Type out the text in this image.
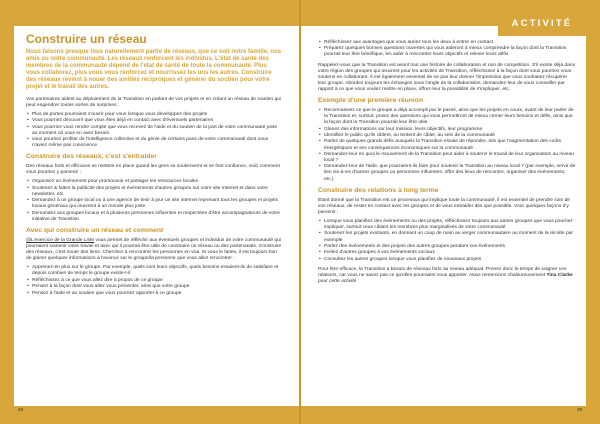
ACTIVITÉ
Construire un réseau
Nous faisons presque tous naturellement partie de réseaux, que ce soit notre famille, nos amis ou notre communauté. Les réseaux renforcent les individus. L'état de santé des membres de la communauté dépend de l'état de santé de toute la communauté. Plus vous collaborez, plus vous vous renforcez et nourrissez les uns les autres. Construire des réseaux revient à nouer des amitiés réciproques et générer du soutien pour votre projet et le travail des autres.

Vos partenaires aident au déploiement de la Transition en parlant de vos projets et en créant un réseau de soutien qui peut engendrer toutes sortes de surprises :

• Plus de portes pourraient s'ouvrir pour vous lorsque vous développez des projets
• Vous pourriez découvrir que vous êtes déjà en contact avec d'éventuels partenaires
• Vous pourriez vous rendre compte que vous recevez de l'aide et du soutien de la part de votre communauté juste au moment où vous en avez besoin
• vous pourriez profiter de l'intelligence collective et du génie de certains pans de votre communauté dont vous n'aviez même pas conscience
Construire des réseaux, c'est s'entraider

Des réseaux forts et efficaces se mettent en place quand les gens se soutiennent et se font confiance, voici comment vous pourriez y parvenir :

• Organisez un événement pour promouvoir et partager les ressources locales
• Soutenez & faites la publicité des projets et événements d'autres groupes sur votre site internet et dans votre newsletter, etc.
• Demandez à un groupe local ou à une agence de tenir à jour un site internet reprenant tous les groupes et projets locaux généraux qui oeuvrent à un monde plus juste
• Demandez aux groupes locaux et à plusieurs personnes influentes et respectées d'être accompagnateurs de votre initiative de Transition
Avec qui construire un réseau et comment

@L'exercice de la Grande Liste vous permet de réfléchir aux éventuels groupes et individus de votre communauté qui pourraient soutenir votre travail et avec qui il pourrait être utile de construire un réseau ou des partenariats. Construire des réseaux, c'est nouer des liens. Cherchez à rencontrer les personnes en vrai. Si vous le faites, il est toujours bon de glaner quelques informations à l'avance sur le groupe/la personne que vous allez rencontrer :

• Apprenez-en plus sur le groupe. Par exemple, quels sont leurs objectifs, quels besoins essaient-ils de satisfaire et depuis combien de temps le groupe existe-t-il
• Réfléchissez à ce que vous allez dire à propos de ce groupe
• Pensez à la façon dont vous allez vous présenter, ainsi que votre groupe
• Pensez à l'aide et au soutien que vous pourriez apporter à ce groupe
• Réfléchissez aux avantages que vous auriez tous les deux à entrer en contact
• Préparez quelques bonnes questions ouvertes qui vous aideront à mieux comprendre la façon dont la Transition pourrait leur être bénéfique, les aider à rencontrer leurs objectifs et relever leurs défis

Rappelez-vous que la Transition est avant tout une histoire de collaboration et non de compétition. S'il existe déjà dans votre région des groupes qui œuvrent pour les activités de Transition, réfléchissez à la façon dont vous pourriez vous soutenir en collaborant. Il est également essentiel de ne pas leur donner l'impression que vous souhaitez récupérer leur groupe. Abordez toujours les échanges sous l'angle de la collaboration, demandez-leur de vous conseiller par rapport à ce que vous voulez mettre en place, offrez-leur la possibilité de s'impliquer, etc.

Exemple d'une première réunion
• Reconnaissez ce que le groupe a déjà accompli par le passé, ainsi que les projets en cours, avant de leur parler de la Transition et, surtout, posez des questions qui vous permettront de mieux cerner leurs besoins et défis, ainsi que la façon dont la Transition pourrait leur être utile.
• Glanez des informations sur leur mission, leurs objectifs, leur programme
• Identifiez le public qu'ils ciblent, ou tentent de cibler, au sein de la communauté
• Parlez de quelques grands défis auxquels la Transition essaie de répondre, tels que l'augmentation des coûts énergétiques et ses conséquences économiques sur la communauté
• Demandez-leur en quoi le mouvement de la Transition peut aider à soutenir le travail de leur organisation au niveau local ?
• Demandez-leur de l'aide, que pourraient-ils faire pour soutenir la Transition au niveau local ? (par exemple, servir de lien vis-à-vis d'autres groupes ou personnes influentes, offrir des lieux de rencontre, organiser des événements, etc.)
Construire des relations à long terme

Étant donné que la Transition est un processus qui implique toute la communauté, il est essentiel de prendre soin de vos réseaux, de rester en contact avec les groupes et de vous entraider dès que possible. Voici quelques façons d'y parvenir :

• Lorsque vous planifiez des événements ou des projets, réfléchissez toujours aux autres groupes que vous pourriez impliquer, surtout ceux ciblant les membres plus marginalisés de votre communauté
• Soutenez les projets existants, en donnant un coup de main au verger communautaire au moment de la récolte par exemple
• Parlez des événements et des projets des autres groupes pendant vos événements
• Invitez d'autres groupes à vos événements sociaux
• Consultez les autres groupes lorsque vous planifiez de nouveaux projets

Pour être efficace, la Transition a besoin de réseaux forts au niveau adéquat. Prenez donc le temps de soigner ces relations, car vous ne savez pas ce qu'elles pourraient vous apporter. Nous remercions chaleureusement Tina Clarke pour cette activité

28	29
